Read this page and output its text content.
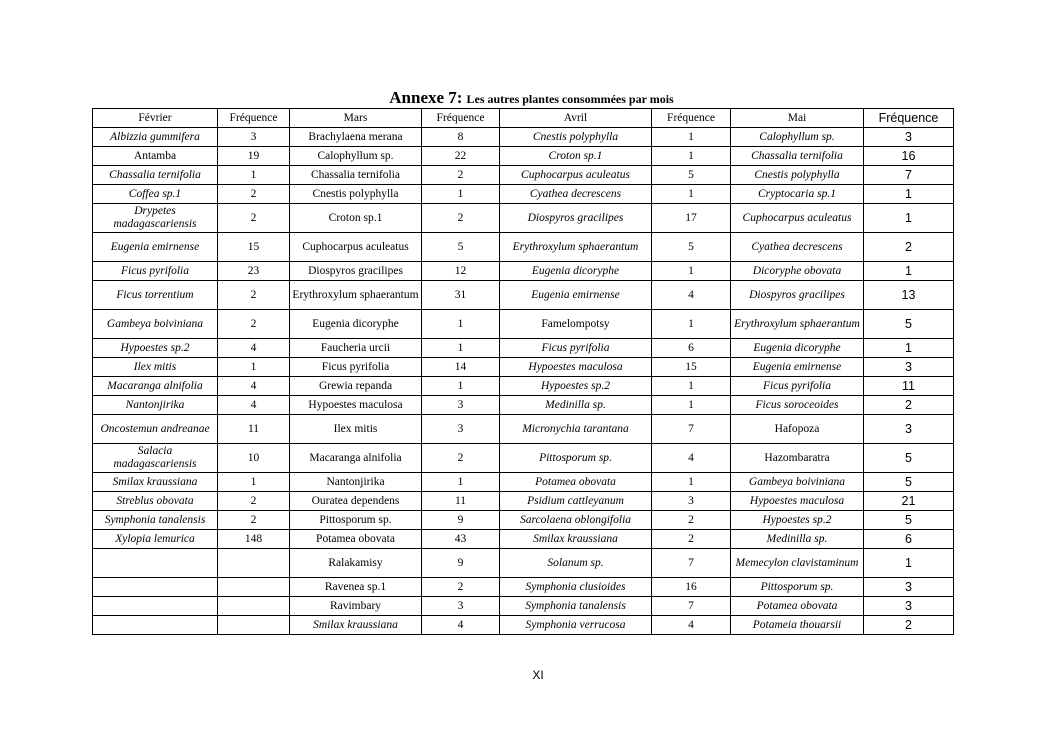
Annexe 7: Les autres plantes consommées par mois
Février	Fréquence	Mars	Fréquence	Avril	Fréquence	Mai	Fréquence
Albizzia gummifera	3	Brachylaena merana	8	Cnestis polyphylla	1	Calophyllum sp.	3
Antamba	19	Calophyllum sp.	22	Croton sp.1	1	Chassalia ternifolia	16
Chassalia ternifolia	1	Chassalia ternifolia	2	Cuphocarpus aculeatus	5	Cnestis polyphylla	7
Coffea sp.1	2	Cnestis polyphylla	1	Cyathea decrescens	1	Cryptocaria sp.1	1
Drypetes madagascariensis	2	Croton sp.1	2	Diospyros gracilipes	17	Cuphocarpus aculeatus	1
Eugenia emirnense	15	Cuphocarpus aculeatus	5	Erythroxylum sphaerantum	5	Cyathea decrescens	2
Ficus pyrifolia	23	Diospyros gracilipes	12	Eugenia dicoryphe	1	Dicoryphe obovata	1
Ficus torrentium	2	Erythroxylum sphaerantum	31	Eugenia emirnense	4	Diospyros gracilipes	13
Gambeya boiviniana	2	Eugenia dicoryphe	1	Famelompotsy	1	Erythroxylum sphaerantum	5
Hypoestes sp.2	4	Faucheria urcii	1	Ficus pyrifolia	6	Eugenia dicoryphe	1
Ilex mitis	1	Ficus pyrifolia	14	Hypoestes maculosa	15	Eugenia emirnense	3
Macaranga alnifolia	4	Grewia repanda	1	Hypoestes sp.2	1	Ficus pyrifolia	11
Nantonjirika	4	Hypoestes maculosa	3	Medinilla sp.	1	Ficus soroceoides	2
Oncostemun andreanae	11	Ilex mitis	3	Micronychia tarantana	7	Hafopoza	3
Salacia madagascariensis	10	Macaranga alnifolia	2	Pittosporum sp.	4	Hazombaratra	5
Smilax kraussiana	1	Nantonjirika	1	Potamea obovata	1	Gambeya boiviniana	5
Streblus obovata	2	Ouratea dependens	11	Psidium cattleyanum	3	Hypoestes maculosa	21
Symphonia tanalensis	2	Pittosporum sp.	9	Sarcolaena oblongifolia	2	Hypoestes sp.2	5
Xylopia lemurica	148	Potamea obovata	43	Smilax kraussiana	2	Medinilla sp.	6
		Ralakamisy	9	Solanum sp.	7	Memecylon clavistaminum	1
		Ravenea sp.1	2	Symphonia clusioides	16	Pittosporum sp.	3
		Ravimbary	3	Symphonia tanalensis	7	Potamea obovata	3
		Smilax kraussiana	4	Symphonia verrucosa	4	Potameia thouarsii	2
XI
